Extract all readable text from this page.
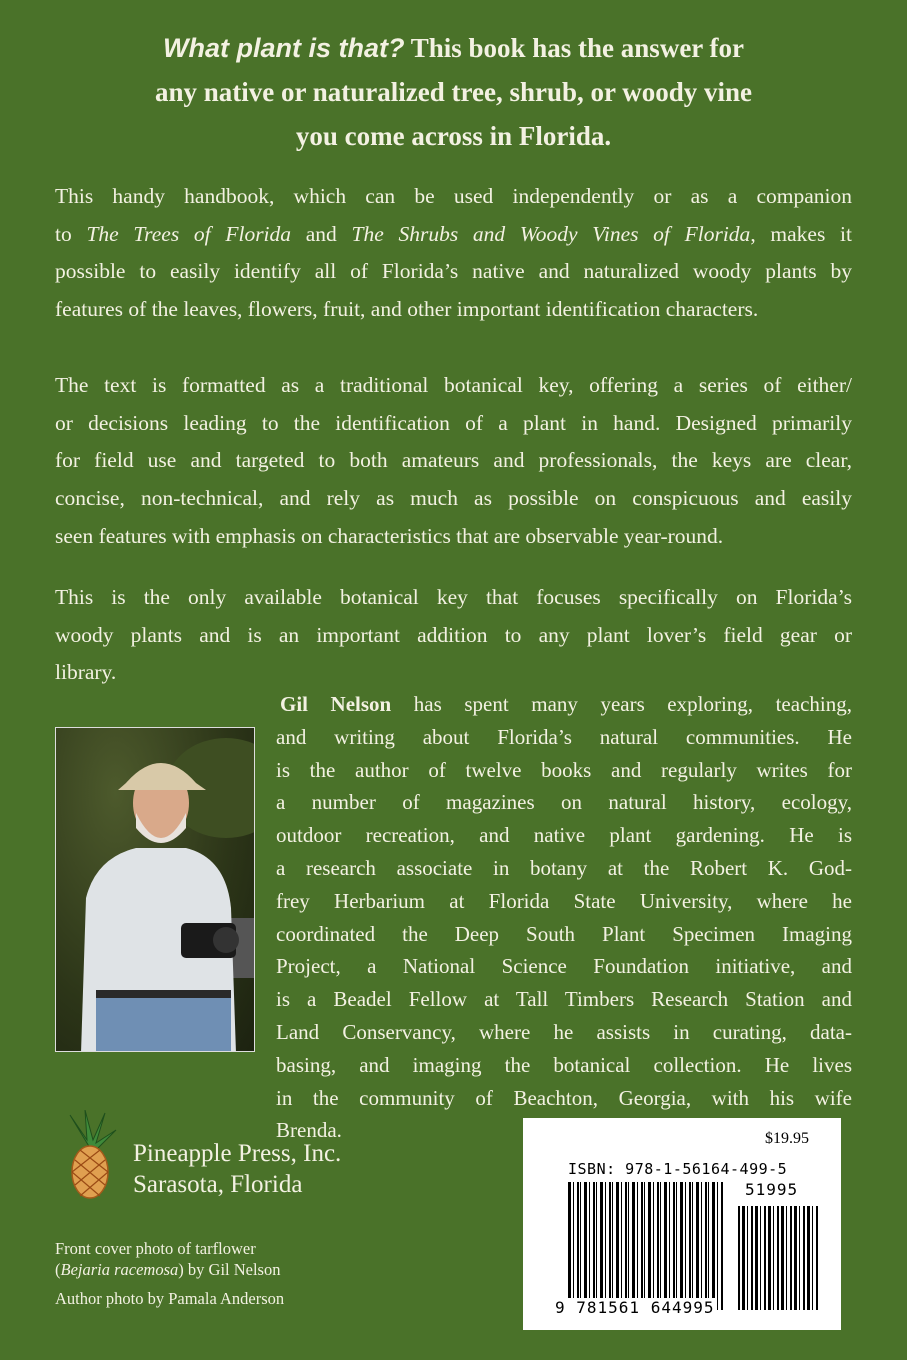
What plant is that? This book has the answer for
any native or naturalized tree, shrub, or woody vine
you come across in Florida.
This handy handbook, which can be used independently or as a companion
to The Trees of Florida and The Shrubs and Woody Vines of Florida, makes it
possible to easily identify all of Florida’s native and naturalized woody plants by
features of the leaves, flowers, fruit, and other important identification characters.
The text is formatted as a traditional botanical key, offering a series of either/
or decisions leading to the identification of a plant in hand. Designed primarily
for field use and targeted to both amateurs and professionals, the keys are clear,
concise, non-technical, and rely as much as possible on conspicuous and easily
seen features with emphasis on characteristics that are observable year-round.
This is the only available botanical key that focuses specifically on Florida’s
woody plants and is an important addition to any plant lover’s field gear or
library.
Gil Nelson has spent many years exploring, teaching,
and writing about Florida’s natural communities. He
is the author of twelve books and regularly writes for
a number of magazines on natural history, ecology,
outdoor recreation, and native plant gardening. He is
a research associate in botany at the Robert K. God-
frey Herbarium at Florida State University, where he
coordinated the Deep South Plant Specimen Imaging
Project, a National Science Foundation initiative, and
is a Beadel Fellow at Tall Timbers Research Station and
Land Conservancy, where he assists in curating, data-
basing, and imaging the botanical collection. He lives
in the community of Beachton, Georgia, with his wife
Brenda.
Pineapple Press, Inc.
Sarasota, Florida
Front cover photo of tarflower
(Bejaria racemosa) by Gil Nelson
Author photo by Pamala Anderson
$19.95
ISBN: 978-1-56164-499-5
51995
9 781561 644995
